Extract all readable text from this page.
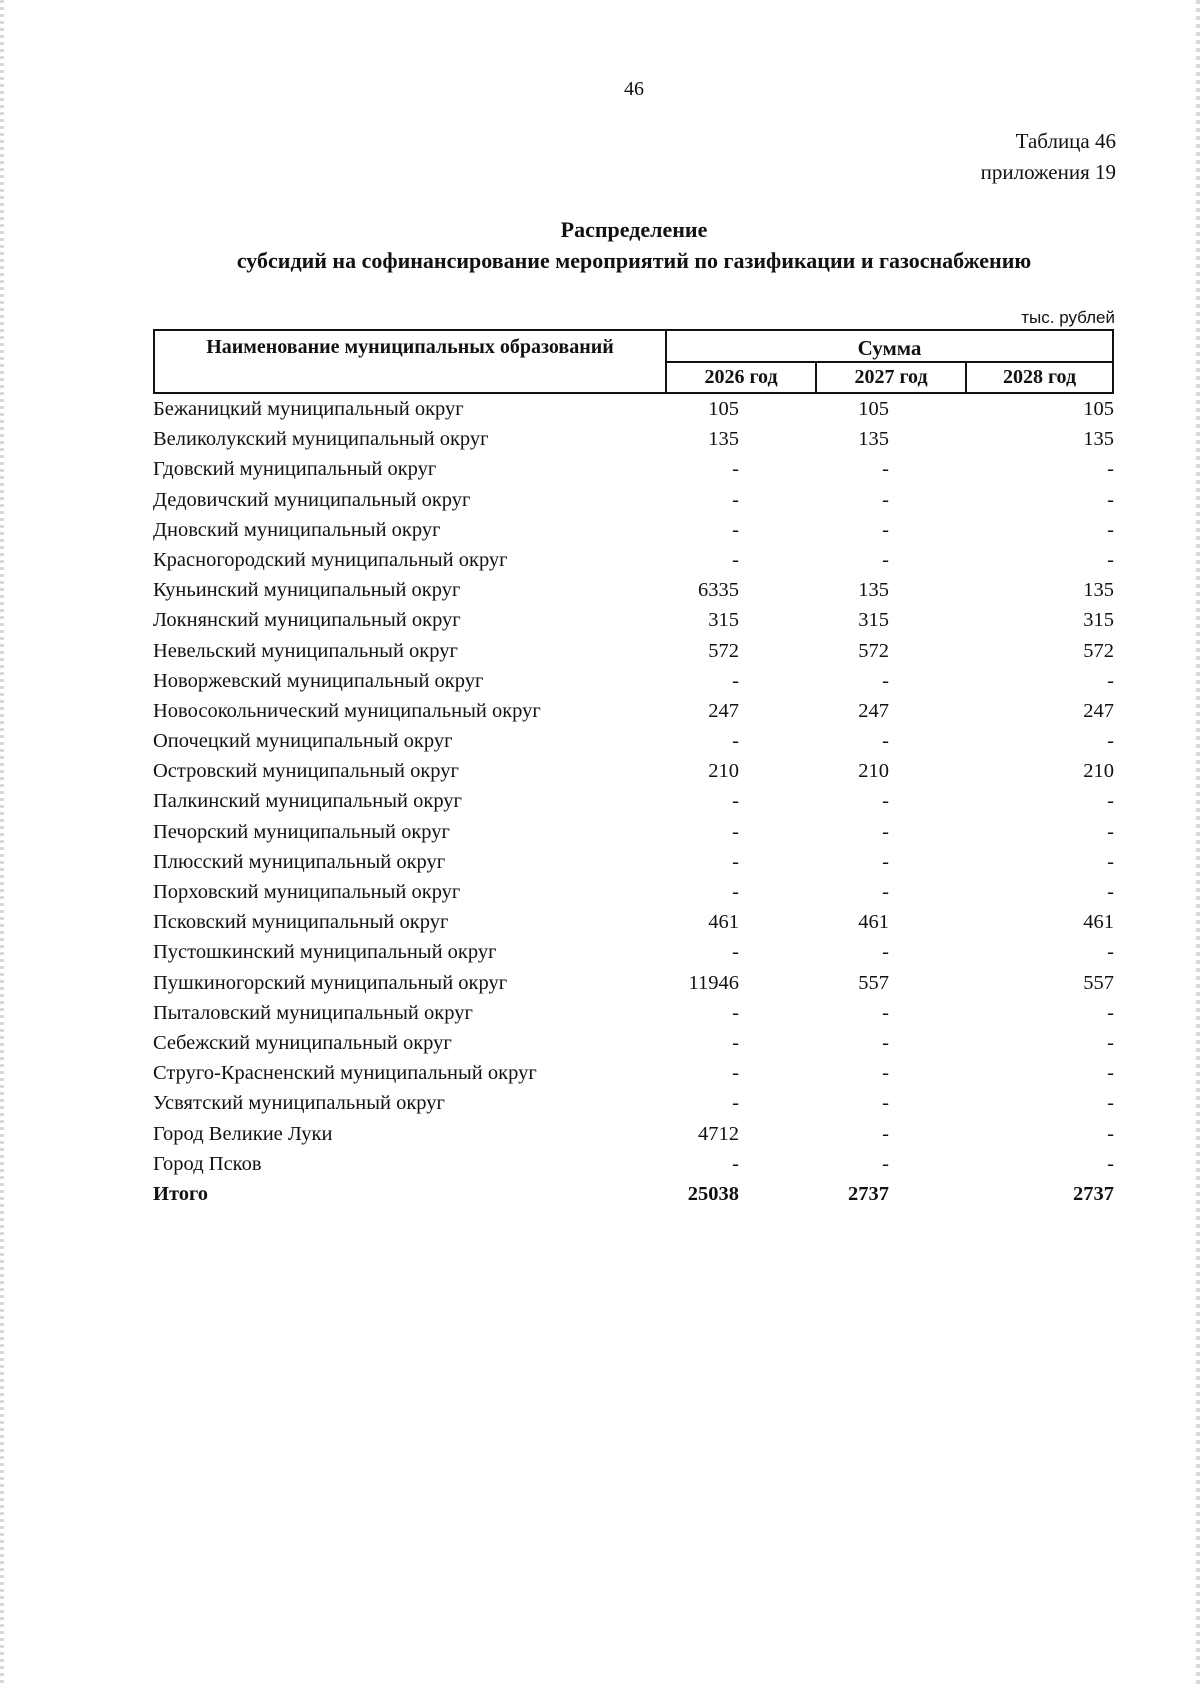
46
Таблица 46
приложения 19
Распределение
субсидий на софинансирование мероприятий по газификации и газоснабжению
тыс. рублей
Наименование муниципальных образований	Сумма
2026 год	2027 год	2028 год
Бежаницкий муниципальный округ	105	105	105
Великолукский муниципальный округ	135	135	135
Гдовский муниципальный округ	-	-	-
Дедовичский муниципальный округ	-	-	-
Дновский муниципальный округ	-	-	-
Красногородский муниципальный округ	-	-	-
Куньинский муниципальный округ	6335	135	135
Локнянский муниципальный округ	315	315	315
Невельский муниципальный округ	572	572	572
Новоржевский муниципальный округ	-	-	-
Новосокольнический муниципальный округ	247	247	247
Опочецкий муниципальный округ	-	-	-
Островский муниципальный округ	210	210	210
Палкинский муниципальный округ	-	-	-
Печорский муниципальный округ	-	-	-
Плюсский муниципальный округ	-	-	-
Порховский муниципальный округ	-	-	-
Псковский муниципальный округ	461	461	461
Пустошкинский муниципальный округ	-	-	-
Пушкиногорский муниципальный округ	11946	557	557
Пыталовский муниципальный округ	-	-	-
Себежский муниципальный округ	-	-	-
Струго-Красненский муниципальный округ	-	-	-
Усвятский муниципальный округ	-	-	-
Город Великие Луки	4712	-	-
Город Псков	-	-	-
Итого	25038	2737	2737
